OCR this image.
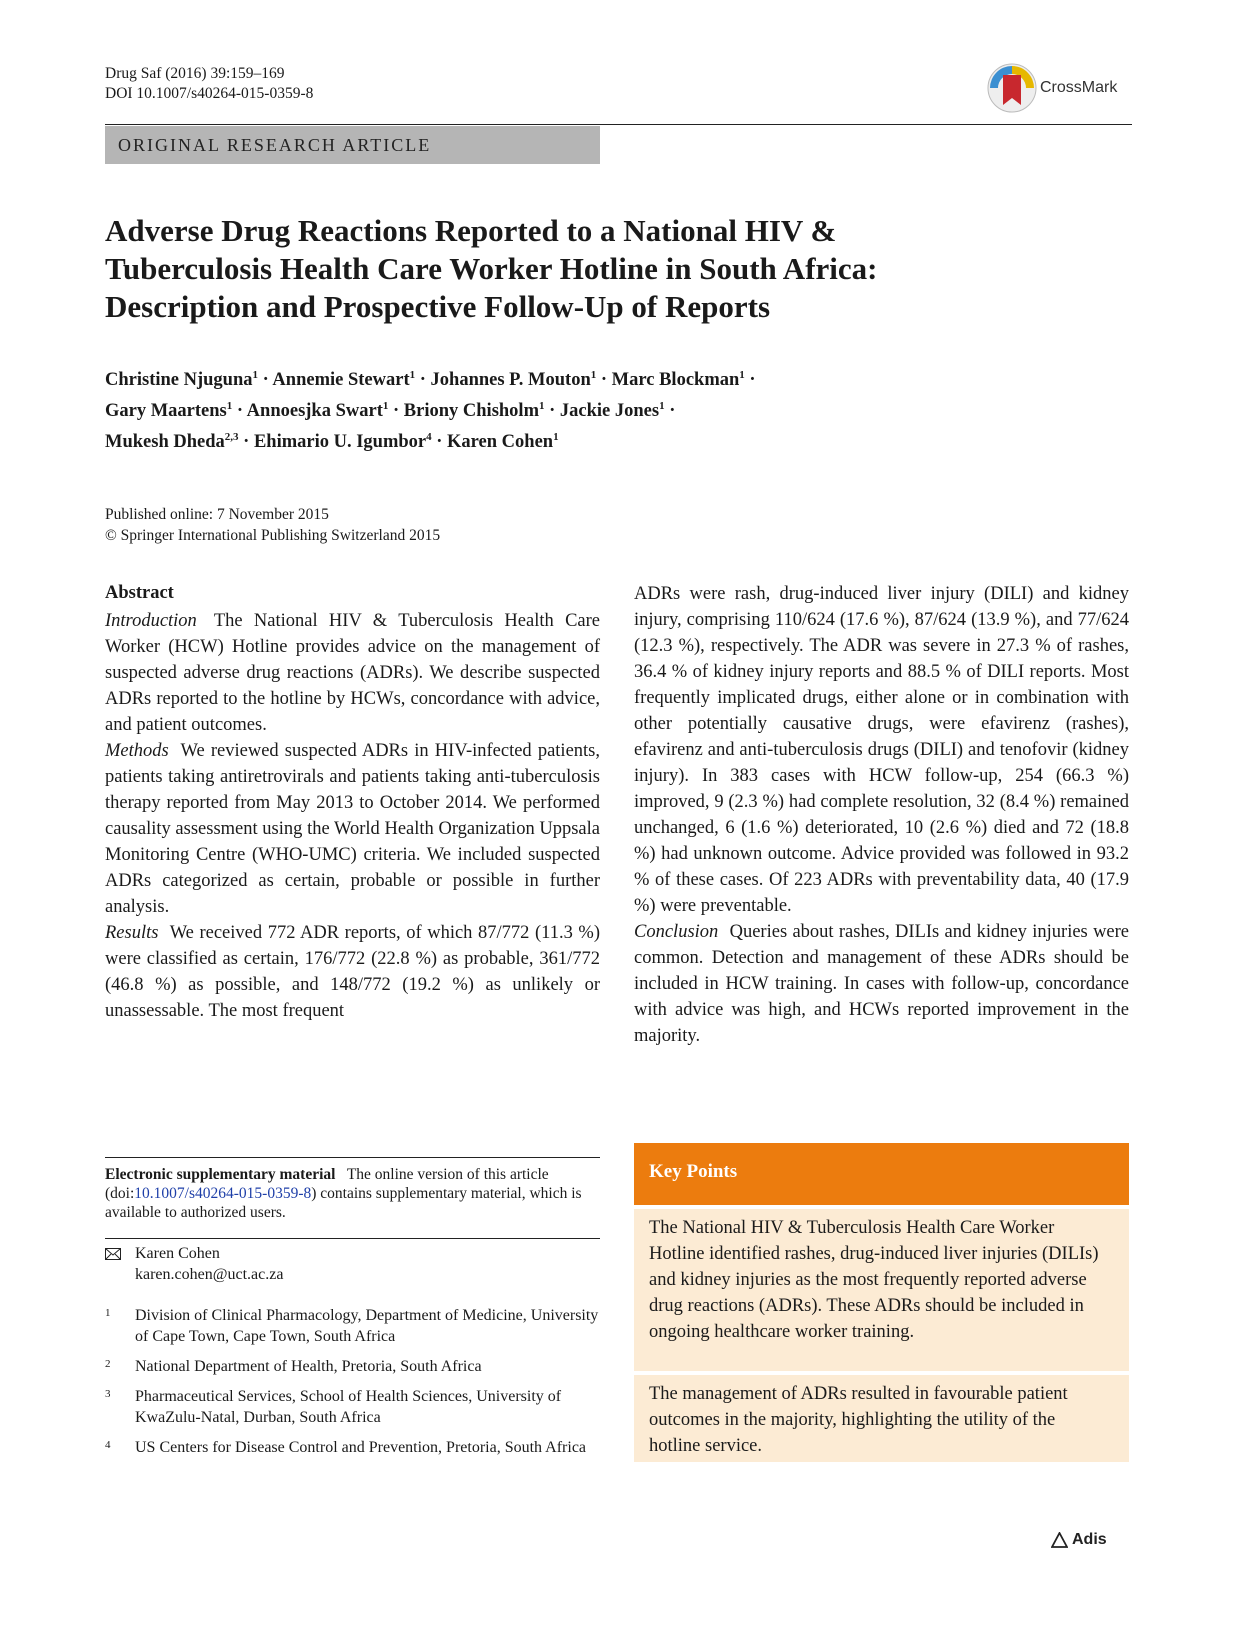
Drug Saf (2016) 39:159–169
DOI 10.1007/s40264-015-0359-8	CrossMark
ORIGINAL RESEARCH ARTICLE
Adverse Drug Reactions Reported to a National HIV &
Tuberculosis Health Care Worker Hotline in South Africa:
Description and Prospective Follow-Up of Reports
Christine Njuguna$^1$ · Annemie Stewart$^1$ · Johannes P. Mouton$^1$ · Marc Blockman$^1$ ·
Gary Maartens$^1$ · Annoesjka Swart$^1$ · Briony Chisholm$^1$ · Jackie Jones$^1$ ·
Mukesh Dheda$^{2,3}$ · Ehimario U. Igumbor$^4$ · Karen Cohen$^1$
Published online: 7 November 2015
© Springer International Publishing Switzerland 2015
Abstract

Introduction The National HIV & Tuberculosis Health Care Worker (HCW) Hotline provides advice on the management of suspected adverse drug reactions (ADRs). We describe suspected ADRs reported to the hotline by HCWs, concordance with advice, and patient outcomes.

Methods We reviewed suspected ADRs in HIV-infected patients, patients taking antiretrovirals and patients taking anti-tuberculosis therapy reported from May 2013 to October 2014. We performed causality assessment using the World Health Organization Uppsala Monitoring Centre (WHO-UMC) criteria. We included suspected ADRs categorized as certain, probable or possible in further analysis.

Results We received 772 ADR reports, of which 87/772 (11.3 %) were classified as certain, 176/772 (22.8 %) as probable, 361/772 (46.8 %) as possible, and 148/772 (19.2 %) as unlikely or unassessable. The most frequent

ADRs were rash, drug-induced liver injury (DILI) and kidney injury, comprising 110/624 (17.6 %), 87/624 (13.9 %), and 77/624 (12.3 %), respectively. The ADR was severe in 27.3 % of rashes, 36.4 % of kidney injury reports and 88.5 % of DILI reports. Most frequently implicated drugs, either alone or in combination with other potentially causative drugs, were efavirenz (rashes), efavirenz and anti-tuberculosis drugs (DILI) and tenofovir (kidney injury). In 383 cases with HCW follow-up, 254 (66.3 %) improved, 9 (2.3 %) had complete resolution, 32 (8.4 %) remained unchanged, 6 (1.6 %) deteriorated, 10 (2.6 %) died and 72 (18.8 %) had unknown outcome. Advice provided was followed in 93.2 % of these cases. Of 223 ADRs with preventability data, 40 (17.9 %) were preventable.

Conclusion Queries about rashes, DILIs and kidney injuries were common. Detection and management of these ADRs should be included in HCW training. In cases with follow-up, concordance with advice was high, and HCWs reported improvement in the majority.

Electronic supplementary material The online version of this article (doi:10.1007/s40264-015-0359-8) contains supplementary material, which is available to authorized users.
Karen Cohen
karen.cohen@uct.ac.za
1 Division of Clinical Pharmacology, Department of Medicine, University of Cape Town, Cape Town, South Africa
2 National Department of Health, Pretoria, South Africa
3 Pharmaceutical Services, School of Health Sciences, University of KwaZulu-Natal, Durban, South Africa
4 US Centers for Disease Control and Prevention, Pretoria, South Africa
Key Points
The National HIV & Tuberculosis Health Care Worker Hotline identified rashes, drug-induced liver injuries (DILIs) and kidney injuries as the most frequently reported adverse drug reactions (ADRs). These ADRs should be included in ongoing healthcare worker training.
The management of ADRs resulted in favourable patient outcomes in the majority, highlighting the utility of the hotline service.
Adis
